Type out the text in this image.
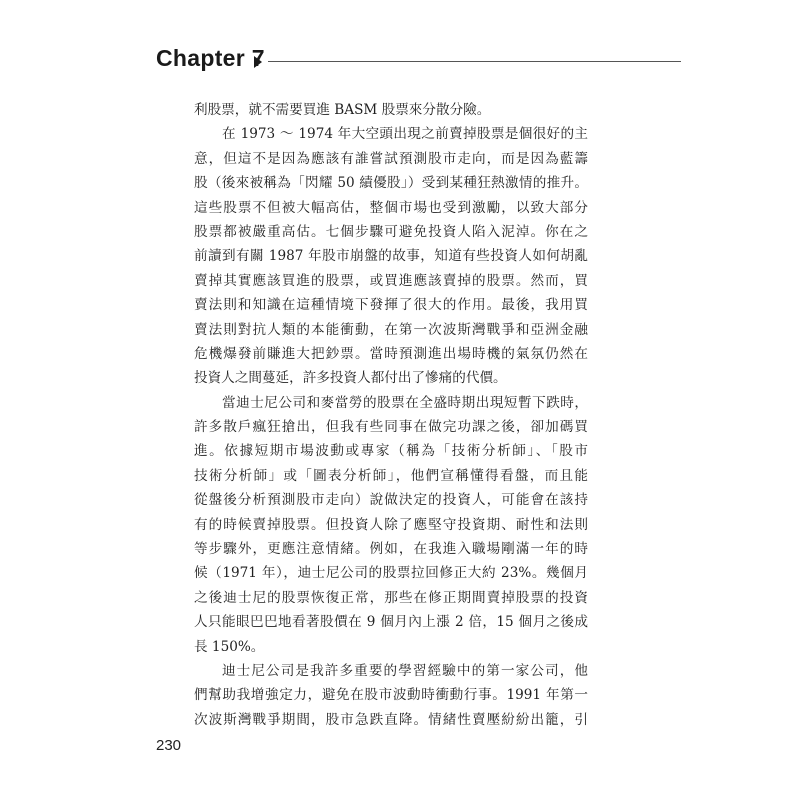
Chapter 7
利股票，就不需要買進 BASM 股票來分散分險。
在 1973 ～ 1974 年大空頭出現之前賣掉股票是個很好的主
意，但這不是因為應該有誰嘗試預測股市走向，而是因為藍籌
股（後來被稱為「閃耀 50 績優股」）受到某種狂熱激情的推升。
這些股票不但被大幅高估，整個市場也受到激勵，以致大部分
股票都被嚴重高估。七個步驟可避免投資人陷入泥淖。你在之
前讀到有關 1987 年股市崩盤的故事，知道有些投資人如何胡亂
賣掉其實應該買進的股票，或買進應該賣掉的股票。然而，買
賣法則和知識在這種情境下發揮了很大的作用。最後，我用買
賣法則對抗人類的本能衝動，在第一次波斯灣戰爭和亞洲金融
危機爆發前賺進大把鈔票。當時預測進出場時機的氣氛仍然在
投資人之間蔓延，許多投資人都付出了慘痛的代價。
當迪士尼公司和麥當勞的股票在全盛時期出現短暫下跌時，
許多散戶瘋狂搶出，但我有些同事在做完功課之後，卻加碼買
進。依據短期市場波動或專家（稱為「技術分析師」、「股市
技術分析師」或「圖表分析師」，他們宣稱懂得看盤，而且能
從盤後分析預測股市走向）說做決定的投資人，可能會在該持
有的時候賣掉股票。但投資人除了應堅守投資期、耐性和法則
等步驟外，更應注意情緒。例如，在我進入職場剛滿一年的時
候（1971 年），迪士尼公司的股票拉回修正大約 23%。幾個月
之後迪士尼的股票恢復正常，那些在修正期間賣掉股票的投資
人只能眼巴巴地看著股價在 9 個月內上漲 2 倍，15 個月之後成
長 150%。
迪士尼公司是我許多重要的學習經驗中的第一家公司，他
們幫助我增強定力，避免在股市波動時衝動行事。1991 年第一
次波斯灣戰爭期間，股市急跌直降。情緒性賣壓紛紛出籠，引
230
